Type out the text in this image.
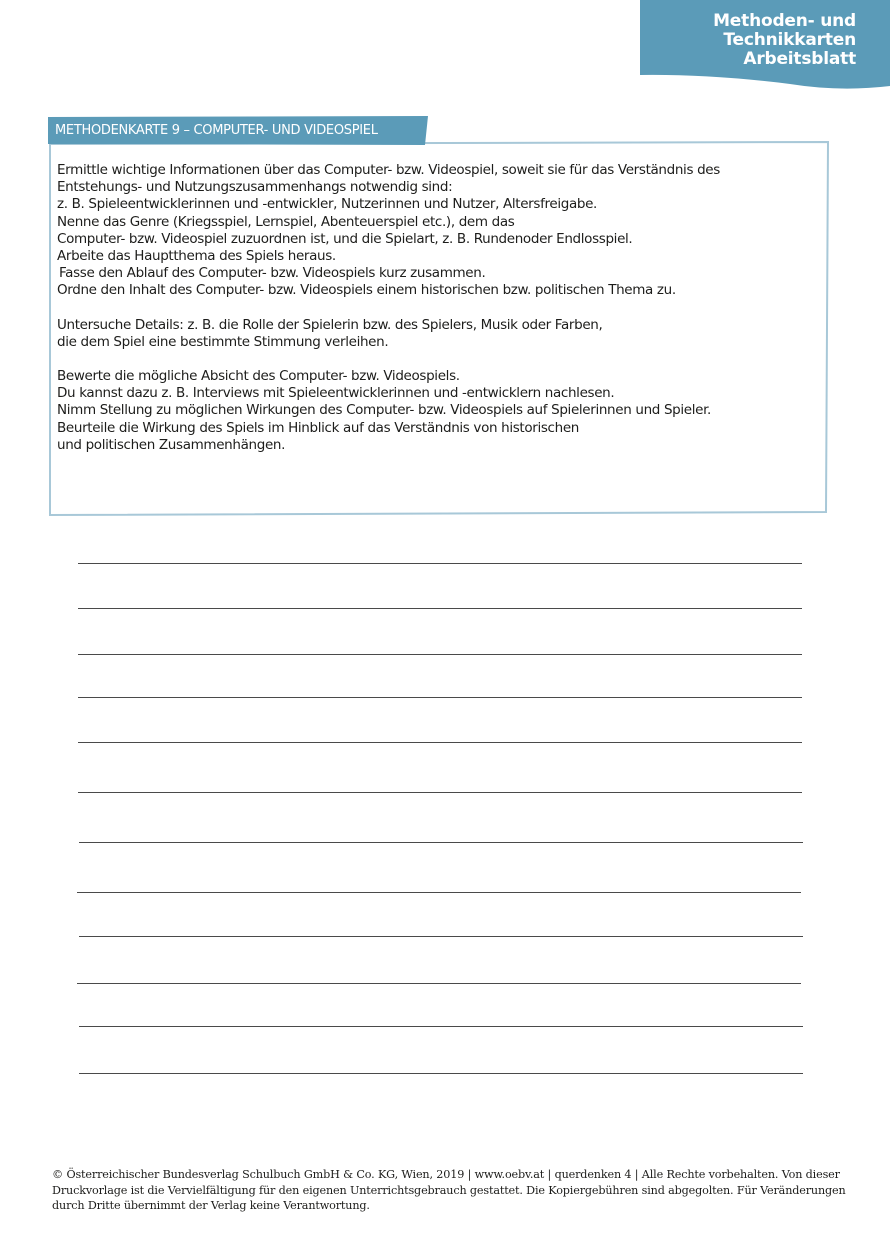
Methoden- und
Technikkarten
Arbeitsblatt
METHODENKARTE 9 – COMPUTER- UND VIDEOSPIEL
Ermittle wichtige Informationen über das Computer- bzw. Videospiel, soweit sie für das Verständnis des
Entstehungs- und Nutzungszusammenhangs notwendig sind:
z. B. Spieleentwicklerinnen und -entwickler, Nutzerinnen und Nutzer, Altersfreigabe.
Nenne das Genre (Kriegsspiel, Lernspiel, Abenteuerspiel etc.), dem das
Computer- bzw. Videospiel zuzuordnen ist, und die Spielart, z. B. Rundenoder Endlosspiel.
Arbeite das Hauptthema des Spiels heraus.
Fasse den Ablauf des Computer- bzw. Videospiels kurz zusammen.
Ordne den Inhalt des Computer- bzw. Videospiels einem historischen bzw. politischen Thema zu.
Untersuche Details: z. B. die Rolle der Spielerin bzw. des Spielers, Musik oder Farben,
die dem Spiel eine bestimmte Stimmung verleihen.
Bewerte die mögliche Absicht des Computer- bzw. Videospiels.
Du kannst dazu z. B. Interviews mit Spieleentwicklerinnen und -entwicklern nachlesen.
Nimm Stellung zu möglichen Wirkungen des Computer- bzw. Videospiels auf Spielerinnen und Spieler.
Beurteile die Wirkung des Spiels im Hinblick auf das Verständnis von historischen
und politischen Zusammenhängen.
© Österreichischer Bundesverlag Schulbuch GmbH & Co. KG, Wien, 2019 | www.oebv.at | querdenken 4 | Alle Rechte vorbehalten. Von dieser
Druckvorlage ist die Vervielfältigung für den eigenen Unterrichtsgebrauch gestattet. Die Kopiergebühren sind abgegolten. Für Veränderungen
durch Dritte übernimmt der Verlag keine Verantwortung.
